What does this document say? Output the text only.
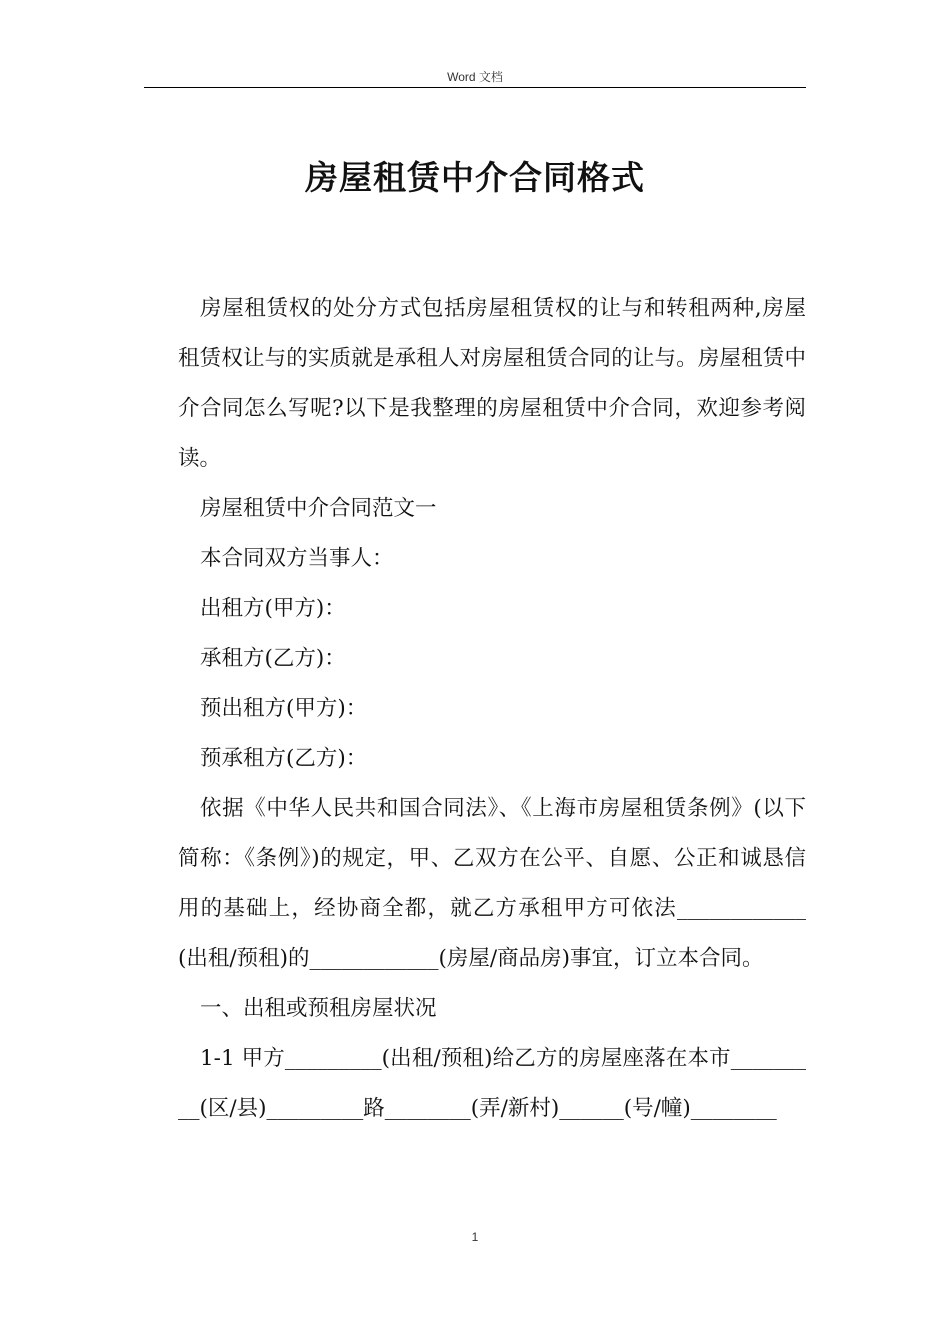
Word 文档
房屋租赁中介合同格式

房屋租赁权的处分方式包括房屋租赁权的让与和转租两种,房屋租赁权让与的实质就是承租人对房屋租赁合同的让与。房屋租赁中介合同怎么写呢?以下是我整理的房屋租赁中介合同，欢迎参考阅读。

房屋租赁中介合同范文一

本合同双方当事人：

出租方(甲方)：

承租方(乙方)：

预出租方(甲方)：

预承租方(乙方)：

依据《中华人民共和国合同法》、《上海市房屋租赁条例》(以下简称：《条例》)的规定，甲、乙双方在公平、自愿、公正和诚恳信用的基础上，经协商全都，就乙方承租甲方可依法____________(出租/预租)的____________(房屋/商品房)事宜，订立本合同。

一、出租或预租房屋状况

1-1 甲方_________(出租/预租)给乙方的房屋座落在本市_________(区/县)_________路________(弄/新村)______(号/幢)________

1
